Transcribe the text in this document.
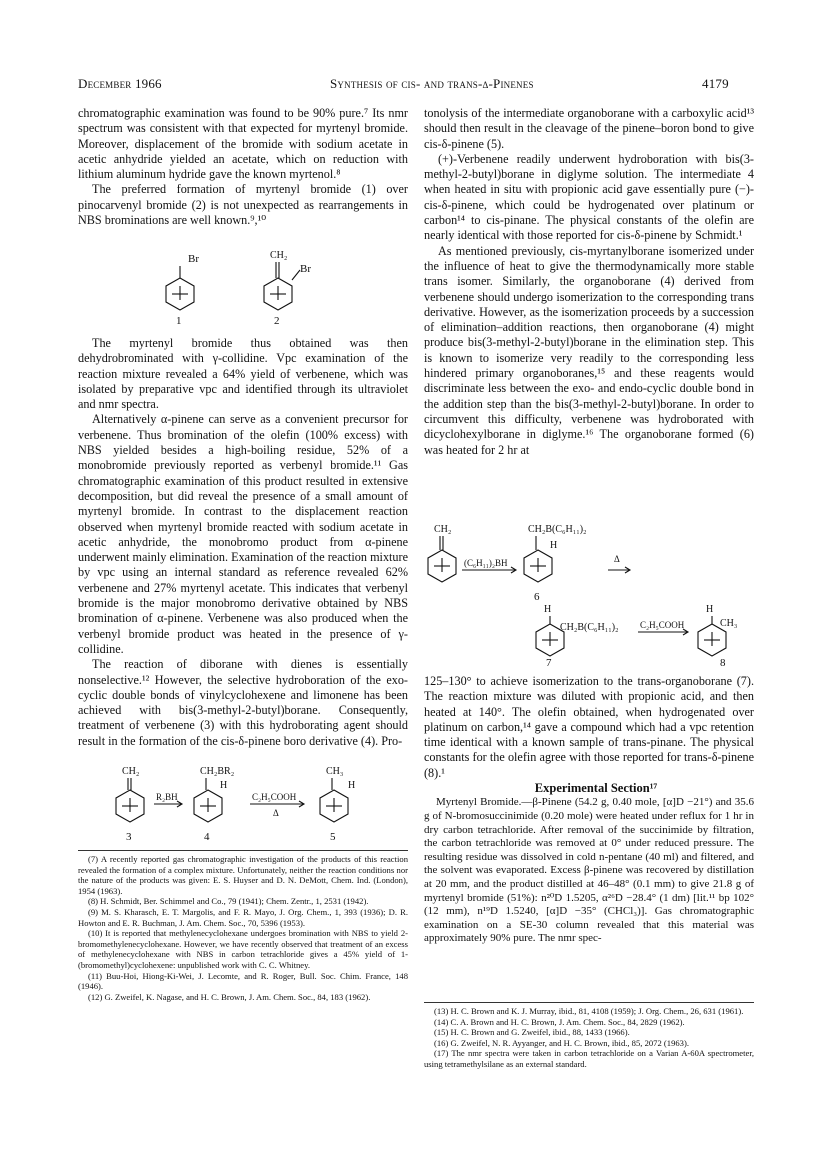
December 1966	Synthesis of cis- and trans-δ-Pinenes	4179

chromatographic examination was found to be 90% pure.⁷ Its nmr spectrum was consistent with that expected for myrtenyl bromide. Moreover, displacement of the bromide with sodium acetate in acetic anhydride yielded an acetate, which on reduction with lithium aluminum hydride gave the known myrtenol.⁸

The preferred formation of myrtenyl bromide (1) over pinocarvenyl bromide (2) is not unexpected as rearrangements in NBS brominations are well known.⁹,¹⁰

Br
1
CH₂
Br
2

The myrtenyl bromide thus obtained was then dehydrobrominated with γ-collidine. Vpc examination of the reaction mixture revealed a 64% yield of verbenene, which was isolated by preparative vpc and identified through its ultraviolet and nmr spectra.

Alternatively α-pinene can serve as a convenient precursor for verbenene. Thus bromination of the olefin (100% excess) with NBS yielded besides a high-boiling residue, 52% of a monobromide previously reported as verbenyl bromide.¹¹ Gas chromatographic examination of this product resulted in extensive decomposition, but did reveal the presence of a small amount of myrtenyl bromide. In contrast to the displacement reaction observed when myrtenyl bromide reacted with sodium acetate in acetic anhydride, the monobromo product from α-pinene underwent mainly elimination. Examination of the reaction mixture by vpc using an internal standard as reference revealed 62% verbenene and 27% myrtenyl acetate. This indicates that verbenyl bromide is the major monobromo derivative obtained by NBS bromination of α-pinene. Verbenene was also produced when the verbenyl bromide product was heated in the presence of γ-collidine.

The reaction of diborane with dienes is essentially nonselective.¹² However, the selective hydroboration of the exo-cyclic double bonds of vinylcyclohexene and limonene has been achieved with bis(3-methyl-2-butyl)borane. Consequently, treatment of verbenene (3) with this hydroborating agent should result in the formation of the cis-δ-pinene boro derivative (4). Pro-

CH₂
3
R₂BH
CH₂BR₂
H
4
C₂H₅COOH
Δ
CH₃
H
5

(7) A recently reported gas chromatographic investigation of the products of this reaction revealed the formation of a complex mixture. Unfortunately, neither the reaction conditions nor the nature of the products was given: E. S. Huyser and D. N. DeMott, Chem. Ind. (London), 1954 (1963).

(8) H. Schmidt, Ber. Schimmel and Co., 79 (1941); Chem. Zentr., 1, 2531 (1942).

(9) M. S. Kharasch, E. T. Margolis, and F. R. Mayo, J. Org. Chem., 1, 393 (1936); D. R. Howton and E. R. Buchman, J. Am. Chem. Soc., 70, 5396 (1953).

(10) It is reported that methylenecyclohexane undergoes bromination with NBS to yield 2-bromomethylenecyclohexane. However, we have recently observed that treatment of an excess of methylenecyclohexane with NBS in carbon tetrachloride gives a 45% yield of 1-(bromomethyl)cyclohexene: unpublished work with C. C. Whitney.

(11) Buu-Hoi, Hiong-Ki-Wei, J. Lecomte, and R. Roger, Bull. Soc. Chim. France, 148 (1946).

(12) G. Zweifel, K. Nagase, and H. C. Brown, J. Am. Chem. Soc., 84, 183 (1962).

tonolysis of the intermediate organoborane with a carboxylic acid¹³ should then result in the cleavage of the pinene–boron bond to give cis-δ-pinene (5).

(+)-Verbenene readily underwent hydroboration with bis(3-methyl-2-butyl)borane in diglyme solution. The intermediate 4 when heated in situ with propionic acid gave essentially pure (−)-cis-δ-pinene, which could be hydrogenated over platinum or carbon¹⁴ to cis-pinane. The physical constants of the olefin are nearly identical with those reported for cis-δ-pinene by Schmidt.¹

As mentioned previously, cis-myrtanylborane isomerized under the influence of heat to give the thermodynamically more stable trans isomer. Similarly, the organoborane (4) derived from verbenene should undergo isomerization to the corresponding trans derivative. However, as the isomerization proceeds by a succession of elimination–addition reactions, then organoborane (4) might produce bis(3-methyl-2-butyl)borane in the elimination step. This is known to isomerize very readily to the corresponding less hindered primary organoboranes,¹⁵ and these reagents would discriminate less between the exo- and endo-cyclic double bond in the addition step than the bis(3-methyl-2-butyl)borane. In order to circumvent this difficulty, verbenene was hydroborated with dicyclohexylborane in diglyme.¹⁶ The organoborane formed (6) was heated for 2 hr at

CH₂
(C₆H₁₁)₂BH
CH₂B(C₆H₁₁)₂
H
6
Δ
H
CH₂B(C₆H₁₁)₂
7
C₂H₅COOH
H
CH₃
8

125–130° to achieve isomerization to the trans-organoborane (7). The reaction mixture was diluted with propionic acid, and then heated at 140°. The olefin obtained, when hydrogenated over platinum on carbon,¹⁴ gave a compound which had a vpc retention time identical with a known sample of trans-pinane. The physical constants for the olefin agree with those reported for trans-δ-pinene (8).¹

Experimental Section¹⁷

Myrtenyl Bromide.—β-Pinene (54.2 g, 0.40 mole, [α]D −21°) and 35.6 g of N-bromosuccinimide (0.20 mole) were heated under reflux for 1 hr in dry carbon tetrachloride. After removal of the succinimide by filtration, the carbon tetrachloride was removed at 0° under reduced pressure. The resulting residue was dissolved in cold n-pentane (40 ml) and filtered, and the solvent was evaporated. Excess β-pinene was recovered by distillation at 20 mm, and the product distilled at 46–48° (0.1 mm) to give 21.8 g of myrtenyl bromide (51%): n²⁰D 1.5205, α²⁶D −28.4° (1 dm) [lit.¹¹ bp 102° (12 mm), n¹⁹D 1.5240, [α]D −35° (CHCl₃)]. Gas chromatographic examination on a SE-30 column revealed that this material was approximately 90% pure. The nmr spec-

(13) H. C. Brown and K. J. Murray, ibid., 81, 4108 (1959); J. Org. Chem., 26, 631 (1961).

(14) C. A. Brown and H. C. Brown, J. Am. Chem. Soc., 84, 2829 (1962).

(15) H. C. Brown and G. Zweifel, ibid., 88, 1433 (1966).

(16) G. Zweifel, N. R. Ayyanger, and H. C. Brown, ibid., 85, 2072 (1963).

(17) The nmr spectra were taken in carbon tetrachloride on a Varian A-60A spectrometer, using tetramethylsilane as an external standard.
